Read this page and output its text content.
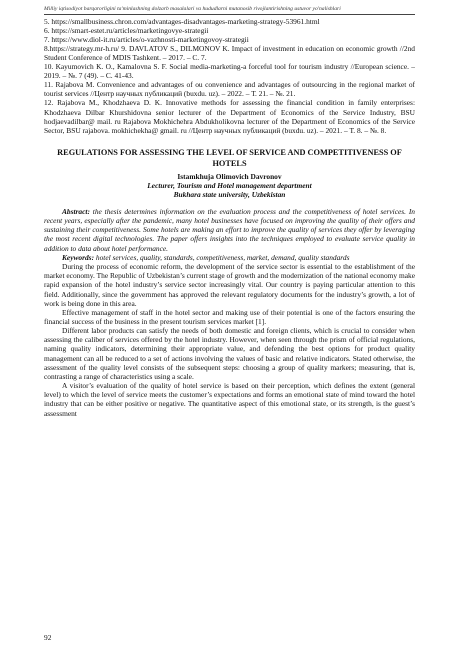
Milliy iqtisodiyot barqarorligini ta'minlashning dolzarb masalalari va hududlarni mutanosib rivojlantirishning ustuvor yo'nalishlari

5. https://smallbusiness.chron.com/advantages-disadvantages-marketing-strategy-53961.html

6. https://smart-estet.ru/articles/marketingovye-strategii

7. https://www.diol-it.ru/articles/o-vazhnosti-marketingovoy-strategii

8.https://strategy.mr-h.ru/ 9. DAVLATOV S., DILMONOV K. Impact of investment in education on economic growth //2nd Student Conference of MDIS Tashkent. – 2017. – С. 7.

10. Kayumovich K. O., Kamalovna S. F. Social media-marketing-a forceful tool for tourism industry //European science. – 2019. – №. 7 (49). – С. 41-43.

11. Rajabova M. Convenience and advantages of ou convenience and advantages of outsourcing in the regional market of tourist services //Центр научных публикаций (buxdu. uz). – 2022. – Т. 21. – №. 21.

12. Rajabova M., Khodzhaeva D. K. Innovative methods for assessing the financial condition in family enterprises: Khodzhaeva Dilbar Khurshidovna senior lecturer of the Department of Economics of the Service Industry, BSU hodjaevadilbar@ mail. ru Rajabova Mokhichehra Abdukholikovna lecturer of the Department of Economics of the Service Sector, BSU rajabova. mokhichekha@ gmail. ru //Центр научных публикаций (buxdu. uz). – 2021. – Т. 8. – №. 8.

REGULATIONS FOR ASSESSING THE LEVEL OF SERVICE AND COMPETITIVENESS OF HOTELS
Istamkhuja Olimovich Davronov
Lecturer, Tourism and Hotel management department
Bukhara state university, Uzbekistan
Abstract: the thesis determines information on the evaluation process and the competitiveness of hotel services. In recent years, especially after the pandemic, many hotel businesses have focused on improving the quality of their offers and sustaining their competitiveness. Some hotels are making an effort to improve the quality of services they offer by leveraging the most recent digital technologies. The paper offers insights into the techniques employed to evaluate service quality in addition to data about hotel performance.
Keywords: hotel services, quality, standards, competitiveness, market, demand, quality standards

During the process of economic reform, the development of the service sector is essential to the establishment of the market economy. The Republic of Uzbekistan’s current stage of growth and the modernization of the national economy make rapid expansion of the hotel industry’s service sector increasingly vital. Our country is paying particular attention to this field. Additionally, since the government has approved the relevant regulatory documents for the industry’s growth, a lot of work is being done in this area.

Effective management of staff in the hotel sector and making use of their potential is one of the factors ensuring the financial success of the business in the present tourism services market [1].

Different labor products can satisfy the needs of both domestic and foreign clients, which is crucial to consider when assessing the caliber of services offered by the hotel industry. However, when seen through the prism of official regulations, naming quality indicators, determining their appropriate value, and defending the best options for product quality management can all be reduced to a set of actions involving the values of basic and relative indicators. Stated otherwise, the assessment of the quality level consists of the subsequent steps: choosing a group of quality markers; measuring, that is, contrasting a range of characteristics using a scale.

A visitor’s evaluation of the quality of hotel service is based on their perception, which defines the extent (general level) to which the level of service meets the customer’s expectations and forms an emotional state of mind toward the hotel industry that can be either positive or negative. The quantitative aspect of this emotional state, or its strength, is the guest’s assessment

92
